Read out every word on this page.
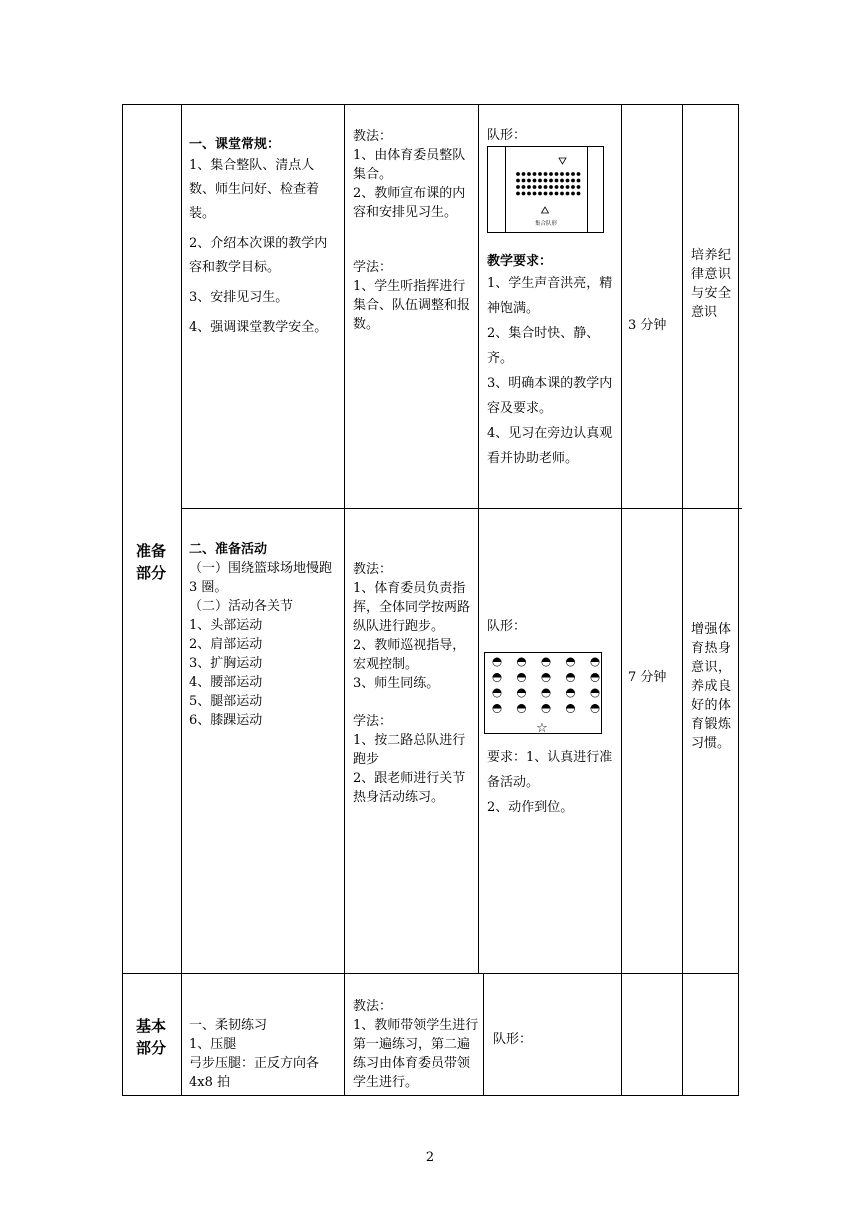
准备部分
基本部分
一、课堂常规：
1、集合整队、清点人数、师生问好、检查着装。
2、介绍本次课的教学内容和教学目标。
3、安排见习生。
4、强调课堂教学安全。
教法：
1、由体育委员整队集合。
2、教师宣布课的内容和安排见习生。
学法：
1、学生听指挥进行集合、队伍调整和报数。
队形：
集合队形
教学要求：
1、学生声音洪亮，精神饱满。
2、集合时快、静、齐。
3、明确本课的教学内容及要求。
4、见习在旁边认真观看并协助老师。
3 分钟
培养纪律意识与安全意识
二、准备活动
（一）围绕篮球场地慢跑 3 圈。
（二）活动各关节
1、头部运动
2、肩部运动
3、扩胸运动
4、腰部运动
5、腿部运动
6、膝踝运动
教法：
1、体育委员负责指挥，全体同学按两路纵队进行跑步。
2、教师巡视指导，宏观控制。
3、师生同练。
学法：
1、按二路总队进行跑步
2、跟老师进行关节热身活动练习。
队形：
☆
要求：1、认真进行准备活动。
2、动作到位。
7 分钟
增强体育热身意识，养成良好的体育锻炼习惯。
一、柔韧练习
1、压腿
弓步压腿：正反方向各 4x8 拍
教法：
1、教师带领学生进行第一遍练习，第二遍练习由体育委员带领学生进行。
队形：
2
